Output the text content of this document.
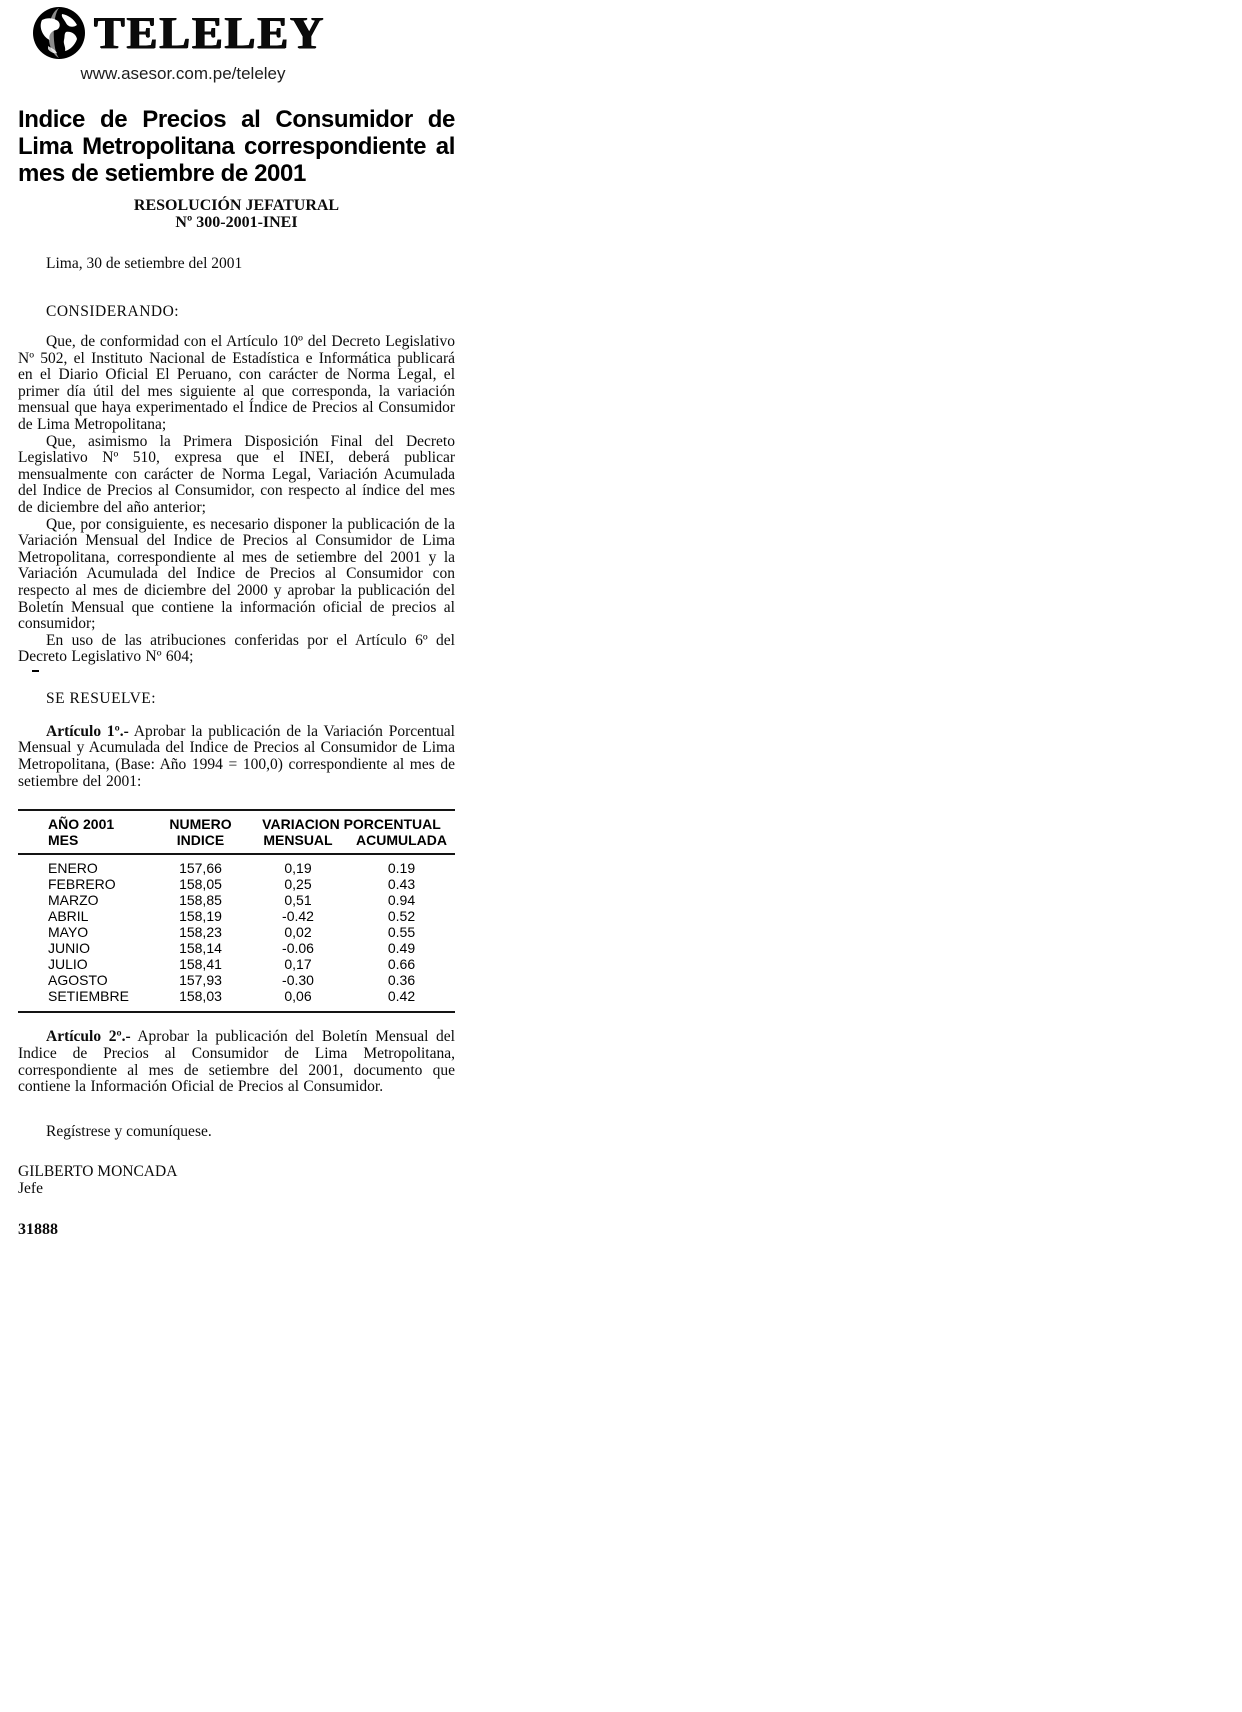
TELELEY
www.asesor.com.pe/teleley
Indice de Precios al Consumidor de
Lima Metropolitana correspondiente al
mes de setiembre de 2001
RESOLUCIÓN JEFATURAL
Nº 300-2001-INEI
Lima, 30 de setiembre del 2001
CONSIDERANDO:

Que, de conformidad con el Artículo 10º del Decreto Legislativo Nº 502, el Instituto Nacional de Estadística e Informática publicará en el Diario Oficial El Peruano, con carácter de Norma Legal, el primer día útil del mes siguiente al que corresponda, la variación mensual que haya experimentado el Índice de Precios al Consumidor de Lima Metropolitana;

Que, asimismo la Primera Disposición Final del Decreto Legislativo Nº 510, expresa que el INEI, deberá publicar mensualmente con carácter de Norma Legal, Variación Acumulada del Indice de Precios al Consumidor, con respecto al índice del mes de diciembre del año anterior;

Que, por consiguiente, es necesario disponer la publicación de la Variación Mensual del Indice de Precios al Consumidor de Lima Metropolitana, correspondiente al mes de setiembre del 2001 y la Variación Acumulada del Indice de Precios al Consumidor con respecto al mes de diciembre del 2000 y aprobar la publicación del Boletín Mensual que contiene la información oficial de precios al consumidor;

En uso de las atribuciones conferidas por el Artículo 6º del Decreto Legislativo Nº 604;

SE RESUELVE:

Artículo 1º.- Aprobar la publicación de la Variación Porcentual Mensual y Acumulada del Indice de Precios al Consumidor de Lima Metropolitana, (Base: Año 1994 = 100,0) correspondiente al mes de setiembre del 2001:

AÑO 2001	NUMERO	VARIACION PORCENTUAL	
MES	INDICE	MENSUAL	ACUMULADA
ENERO	157,66	0,19	0.19
FEBRERO	158,05	0,25	0.43
MARZO	158,85	0,51	0.94
ABRIL	158,19	-0.42	0.52
MAYO	158,23	0,02	0.55
JUNIO	158,14	-0.06	0.49
JULIO	158,41	0,17	0.66
AGOSTO	157,93	-0.30	0.36
SETIEMBRE	158,03	0,06	0.42

Artículo 2º.- Aprobar la publicación del Boletín Mensual del Indice de Precios al Consumidor de Lima Metropolitana, correspondiente al mes de setiembre del 2001, documento que contiene la Información Oficial de Precios al Consumidor.

Regístrese y comuníquese.
GILBERTO MONCADA
Jefe
31888
